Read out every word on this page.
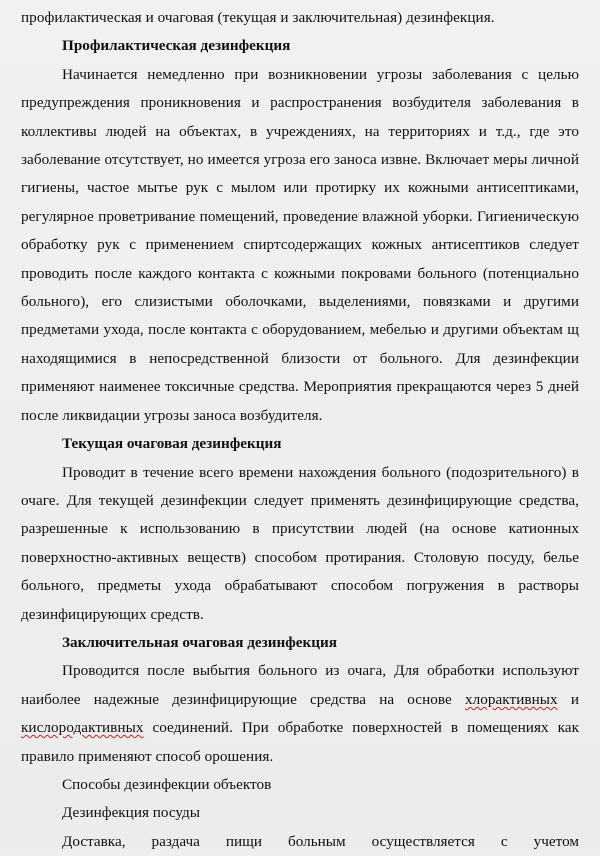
профилактическая и очаговая (текущая и заключительная) дезинфекция.

Профилактическая дезинфекция

Начинается немедленно при возникновении угрозы заболевания с целью предупреждения проникновения и распространения возбудителя заболевания в коллективы людей на объектах, в учреждениях, на территориях и т.д., где это заболевание отсутствует, но имеется угроза его заноса извне. Включает меры личной гигиены, частое мытье рук с мылом или протирку их кожными антисептиками, регулярное проветривание помещений, проведение влажной уборки. Гигиеническую обработку рук с применением спиртсодержащих кожных антисептиков следует проводить после каждого контакта с кожными покровами больного (потенциально больного), его слизистыми оболочками, выделениями, повязками и другими предметами ухода, после контакта с оборудованием, мебелью и другими объектам щ находящимися в непосредственной близости от больного. Для дезинфекции применяют наименее токсичные средства. Мероприятия прекращаются через 5 дней после ликвидации угрозы заноса возбудителя.

Текущая очаговая дезинфекция

Проводит в течение всего времени нахождения больного (подозрительного) в очаге. Для текущей дезинфекции следует применять дезинфицирующие средства, разрешенные к использованию в присутствии людей (на основе катионных поверхностно-активных веществ) способом протирания. Столовую посуду, белье больного, предметы ухода обрабатывают способом погружения в растворы дезинфицирующих средств.

Заключительная очаговая дезинфекция

Проводится после выбытия больного из очага, Для обработки используют наиболее надежные дезинфицирующие средства на основе хлорактивных и кислородактивных соединений. При обработке поверхностей в помещениях как правило применяют способ орошения.

Способы дезинфекции объектов

Дезинфекция посуды

Доставка, раздача пищи больным осуществляется с учетом
